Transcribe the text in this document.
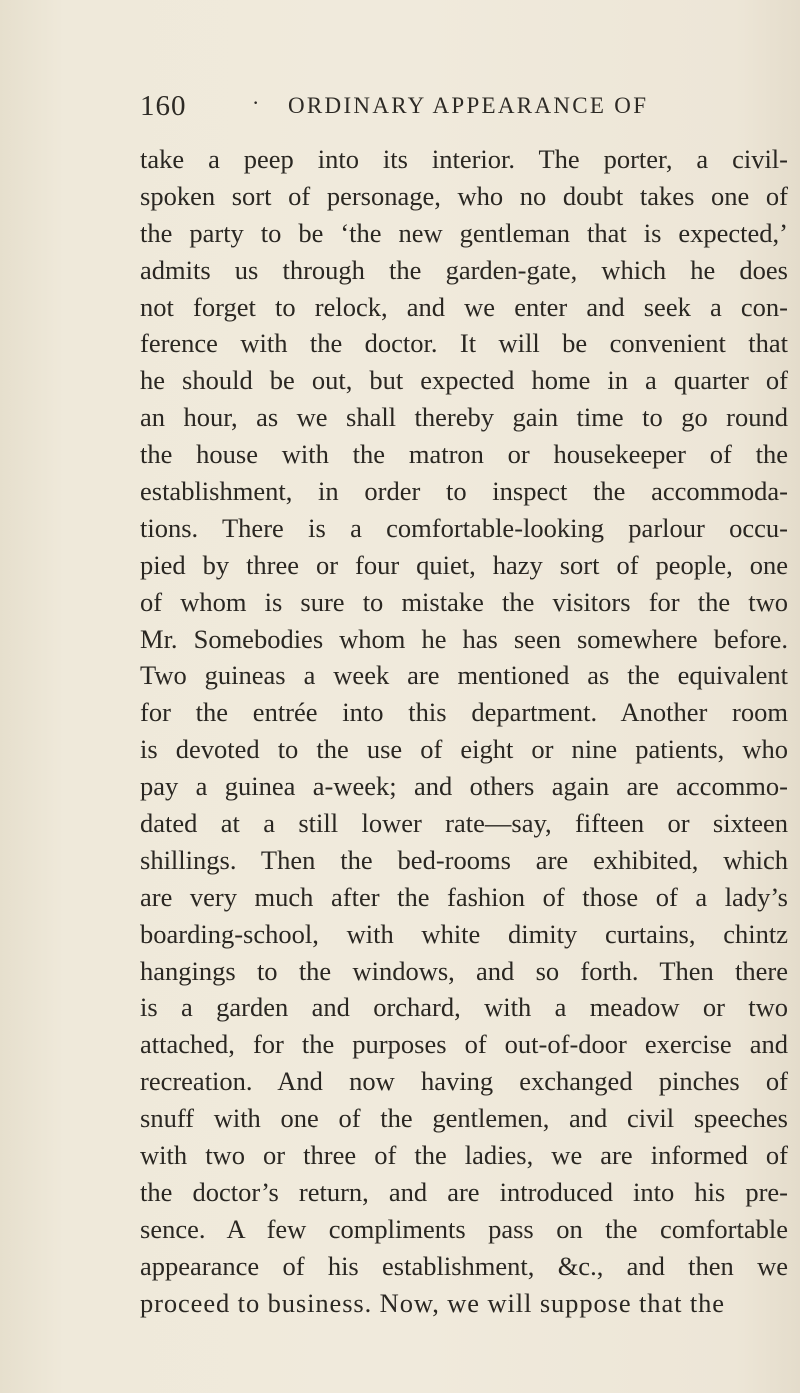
160	· ORDINARY APPEARANCE OF
take a peep into its interior. The porter, a civil-
spoken sort of personage, who no doubt takes one of
the party to be ‘the new gentleman that is expected,’
admits us through the garden-gate, which he does
not forget to relock, and we enter and seek a con-
ference with the doctor. It will be convenient that
he should be out, but expected home in a quarter of
an hour, as we shall thereby gain time to go round
the house with the matron or housekeeper of the
establishment, in order to inspect the accommoda-
tions. There is a comfortable-looking parlour occu-
pied by three or four quiet, hazy sort of people, one
of whom is sure to mistake the visitors for the two
Mr. Somebodies whom he has seen somewhere before.
Two guineas a week are mentioned as the equivalent
for the entrée into this department. Another room
is devoted to the use of eight or nine patients, who
pay a guinea a-week; and others again are accommo-
dated at a still lower rate—say, fifteen or sixteen
shillings. Then the bed-rooms are exhibited, which
are very much after the fashion of those of a lady’s
boarding-school, with white dimity curtains, chintz
hangings to the windows, and so forth. Then there
is a garden and orchard, with a meadow or two
attached, for the purposes of out-of-door exercise and
recreation. And now having exchanged pinches of
snuff with one of the gentlemen, and civil speeches
with two or three of the ladies, we are informed of
the doctor’s return, and are introduced into his pre-
sence. A few compliments pass on the comfortable
appearance of his establishment, &c., and then we
proceed to business. Now, we will suppose that the
